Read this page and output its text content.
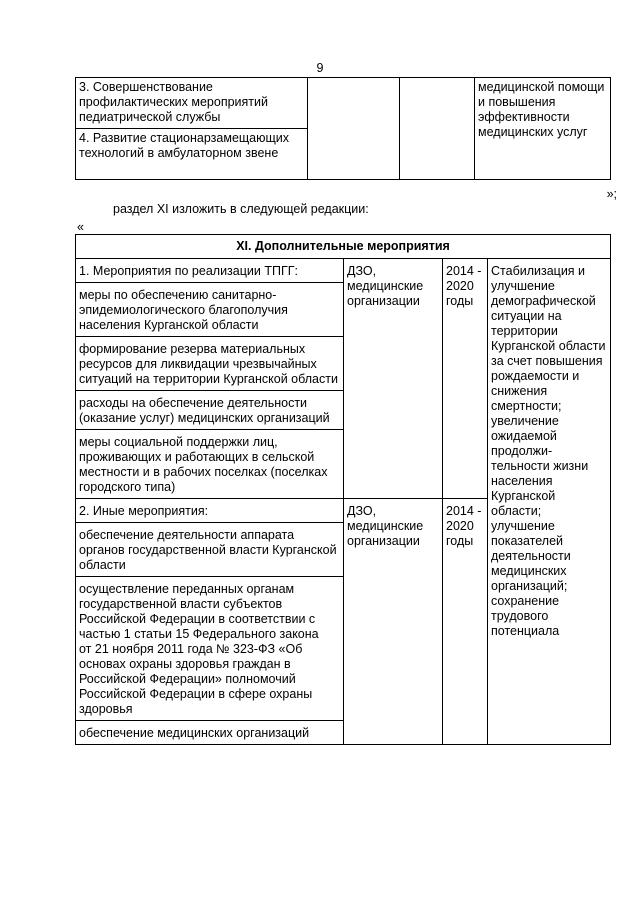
9
3. Совершенствование профилактических мероприятий педиатрической службы			медицинской помощи и повышения эффективности медицинских услуг
4. Развитие стационарзамещающих технологий в амбулаторном звене
»;
раздел XI изложить в следующей редакции:
«
XI. Дополнительные мероприятия			
1. Мероприятия по реализации ТПГГ:	ДЗО, медицинские организации	2014 - 2020 годы	Стабилизация и улучшение демографической ситуации на территории Курганской области за счет повышения рождаемости и снижения смертности; увеличение ожидаемой продолжи-тельности жизни населения Курганской области; улучшение показателей деятельности медицинских организаций; сохранение трудового потенциала
меры по обеспечению санитарно-эпидемиологического благополучия населения Курганской области			
формирование резерва материальных ресурсов для ликвидации чрезвычайных ситуаций на территории Курганской области			
расходы на обеспечение деятельности (оказание услуг) медицинских организаций			
меры социальной поддержки лиц, проживающих и работающих в сельской местности и в рабочих поселках (поселках городского типа)			
2. Иные мероприятия:	ДЗО, медицинские организации	2014 - 2020 годы	
обеспечение деятельности аппарата органов государственной власти Курганской области			
осуществление переданных органам государственной власти субъектов Российской Федерации в соответствии с частью 1 статьи 15 Федерального закона
от 21 ноября 2011 года № 323-ФЗ «Об основах охраны здоровья граждан в Российской Федерации» полномочий Российской Федерации в сфере охраны здоровья			
обеспечение медицинских организаций			
